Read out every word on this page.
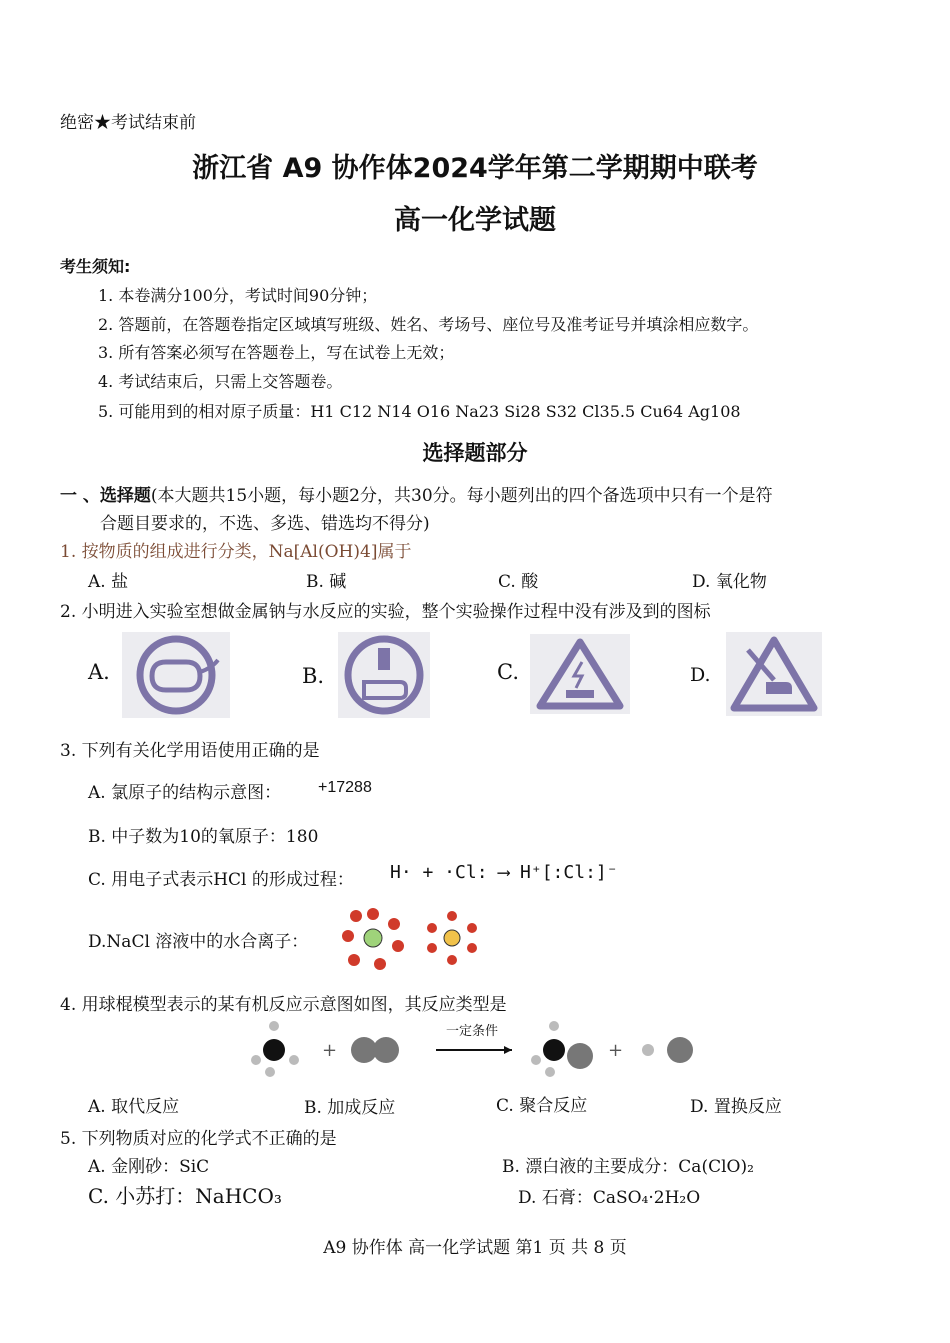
绝密★考试结束前
浙江省 A9 协作体2024学年第二学期期中联考
高一化学试题
考生须知:
1. 本卷满分100分，考试时间90分钟；
2. 答题前，在答题卷指定区域填写班级、姓名、考场号、座位号及准考证号并填涂相应数字。
3. 所有答案必须写在答题卷上，写在试卷上无效；
4. 考试结束后，只需上交答题卷。
5. 可能用到的相对原子质量：H1 C12 N14 O16 Na23 Si28 S32 Cl35.5 Cu64 Ag108
选择题部分
一 、选择题(本大题共15小题，每小题2分，共30分。每小题列出的四个备选项中只有一个是符
合题目要求的，不选、多选、错选均不得分)
1. 按物质的组成进行分类，Na[Al(OH)4]属于
A. 盐	B. 碱	C. 酸	D. 氧化物
2. 小明进入实验室想做金属钠与水反应的实验，整个实验操作过程中没有涉及到的图标
A.	B.	C.	D.
3. 下列有关化学用语使用正确的是
A. 氯原子的结构示意图： +17288
B. 中子数为10的氧原子：180
C. 用电子式表示HCl 的形成过程： H· + ·Cl: ⟶ H⁺[:Cl:]⁻
D.NaCl 溶液中的水合离子：
4. 用球棍模型表示的某有机反应示意图如图，其反应类型是
+	+
一定条件
A. 取代反应	B. 加成反应	C. 聚合反应	D. 置换反应
5. 下列物质对应的化学式不正确的是
A. 金刚砂：SiC	B. 漂白液的主要成分：Ca(ClO)₂
C. 小苏打：NaHCO₃	D. 石膏：CaSO₄·2H₂O
A9 协作体 高一化学试题 第1 页 共 8 页
